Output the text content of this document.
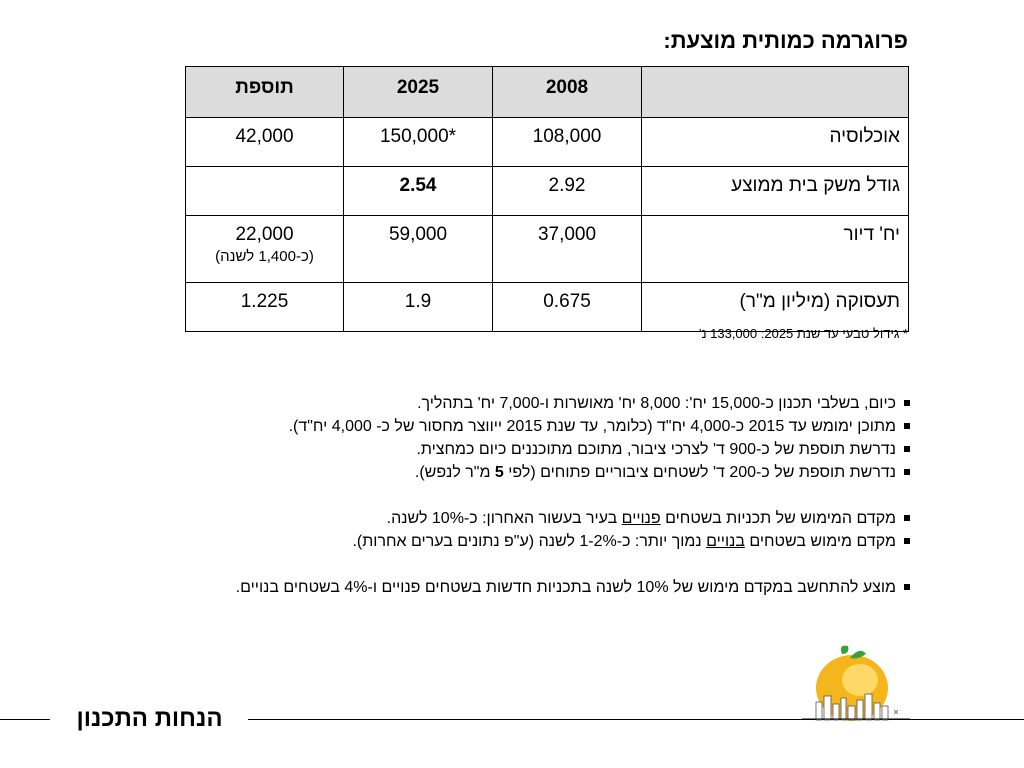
פרוגרמה כמותית מוצעת:
	2008	2025	תוספת
אוכלוסיה	108,000	150,000*	42,000
גודל משק בית ממוצע	2.92	2.54	
יח' דיור	37,000	59,000	22,000
(כ-1,400 לשנה)

תעסוקה (מיליון מ"ר)	0.675	1.9	1.225
* גידול טבעי עד שנת 2025: 133,000 נ'
כיום, בשלבי תכנון כ-15,000 יח': 8,000 יח' מאושרות ו-7,000 יח' בתהליך.
מתוכן ימומש עד 2015 כ-4,000 יח"ד (כלומר, עד שנת 2015 ייווצר מחסור של כ- 4,000 יח"ד).
נדרשת תוספת של כ-900 ד' לצרכי ציבור, מתוכם מתוכננים כיום כמחצית.
נדרשת תוספת של כ-200 ד' לשטחים ציבוריים פתוחים (לפי 5 מ"ר לנפש).
מקדם המימוש של תכניות בשטחים פנויים בעיר בעשור האחרון: כ-10% לשנה.
מקדם מימוש בשטחים בנויים נמוך יותר: כ-1-2% לשנה (ע"פ נתונים בערים אחרות).
מוצע להתחשב במקדם מימוש של 10% לשנה בתכניות חדשות בשטחים פנויים ו-4% בשטחים בנויים.
הנחות התכנון
